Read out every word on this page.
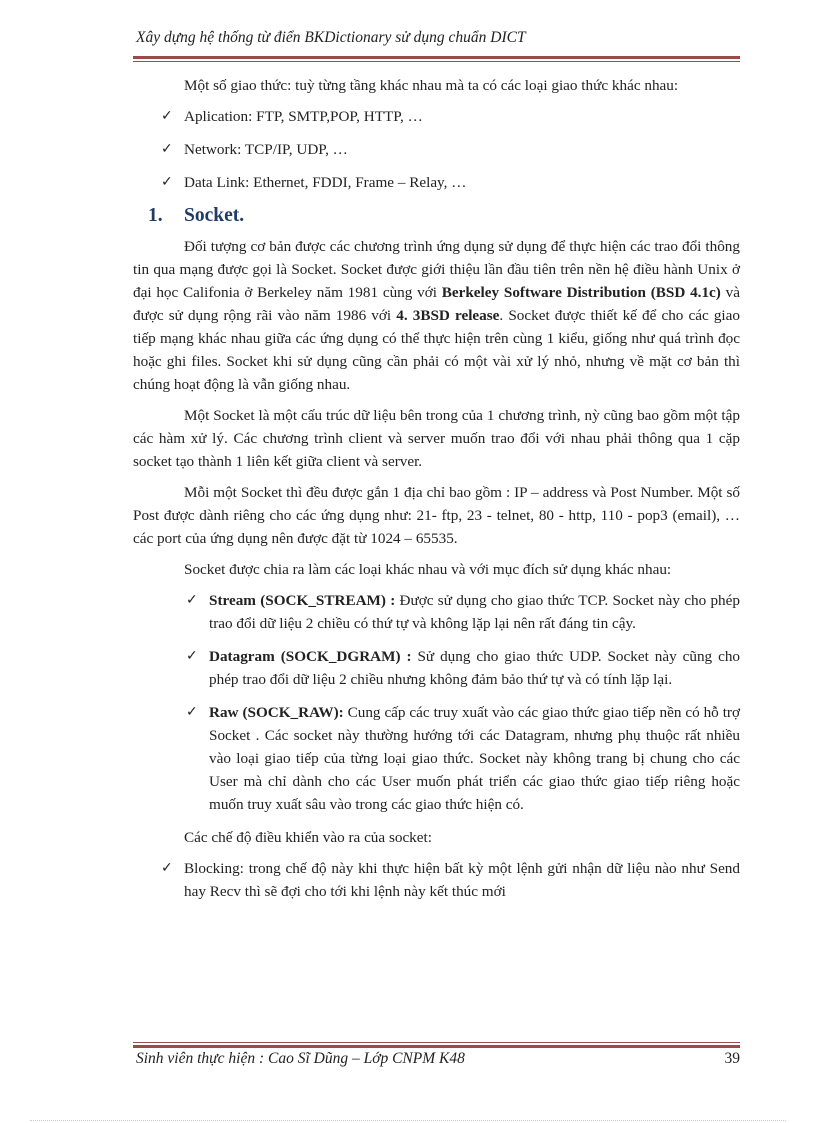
Xây dựng hệ thống từ điển BKDictionary sử dụng chuẩn DICT

Một số giao thức: tuỳ từng tầng khác nhau mà ta có các loại giao thức khác nhau:

✓ Aplication: FTP, SMTP,POP, HTTP, …
✓ Network: TCP/IP, UDP, …
✓ Data Link: Ethernet, FDDI, Frame – Relay, …
1. Socket.

Đối tượng cơ bản được các chương trình ứng dụng sử dụng để thực hiện các trao đổi thông tin qua mạng được gọi là Socket. Socket được giới thiệu lần đầu tiên trên nền hệ điều hành Unix ở đại học Califonia ở Berkeley năm 1981 cùng với Berkeley Software Distribution (BSD 4.1c) và được sử dụng rộng rãi vào năm 1986 với 4. 3BSD release. Socket được thiết kế để cho các giao tiếp mạng khác nhau giữa các ứng dụng có thể thực hiện trên cùng 1 kiểu, giống như quá trình đọc hoặc ghi files. Socket khi sử dụng cũng cần phải có một vài xử lý nhỏ, nhưng về mặt cơ bản thì chúng hoạt động là vẫn giống nhau.

Một Socket là một cấu trúc dữ liệu bên trong của 1 chương trình, nỳ cũng bao gồm một tập các hàm xử lý. Các chương trình client và server muốn trao đổi với nhau phải thông qua 1 cặp socket tạo thành 1 liên kết giữa client và server.

Mỗi một Socket thì đều được gắn 1 địa chỉ bao gồm : IP – address và Post Number. Một số Post được dành riêng cho các ứng dụng như: 21- ftp, 23 - telnet, 80 - http, 110 - pop3 (email), … các port của ứng dụng nên được đặt từ 1024 – 65535.

Socket được chia ra làm các loại khác nhau và với mục đích sử dụng khác nhau:

✓ Stream (SOCK_STREAM) : Được sử dụng cho giao thức TCP. Socket này cho phép trao đổi dữ liệu 2 chiều có thứ tự và không lặp lại nên rất đáng tin cậy.
✓ Datagram (SOCK_DGRAM) : Sử dụng cho giao thức UDP. Socket này cũng cho phép trao đổi dữ liệu 2 chiều nhưng không đảm bảo thứ tự và có tính lặp lại.
✓ Raw (SOCK_RAW): Cung cấp các truy xuất vào các giao thức giao tiếp nền có hỗ trợ Socket . Các socket này thường hướng tới các Datagram, nhưng phụ thuộc rất nhiều vào loại giao tiếp của từng loại giao thức. Socket này không trang bị chung cho các User mà chỉ dành cho các User muốn phát triển các giao thức giao tiếp riêng hoặc muốn truy xuất sâu vào trong các giao thức hiện có.

Các chế độ điều khiển vào ra của socket:

✓ Blocking: trong chế độ này khi thực hiện bất kỳ một lệnh gửi nhận dữ liệu nào như Send hay Recv thì sẽ đợi cho tới khi lệnh này kết thúc mới
Sinh viên thực hiện : Cao Sĩ Dũng – Lớp CNPM K48	39
